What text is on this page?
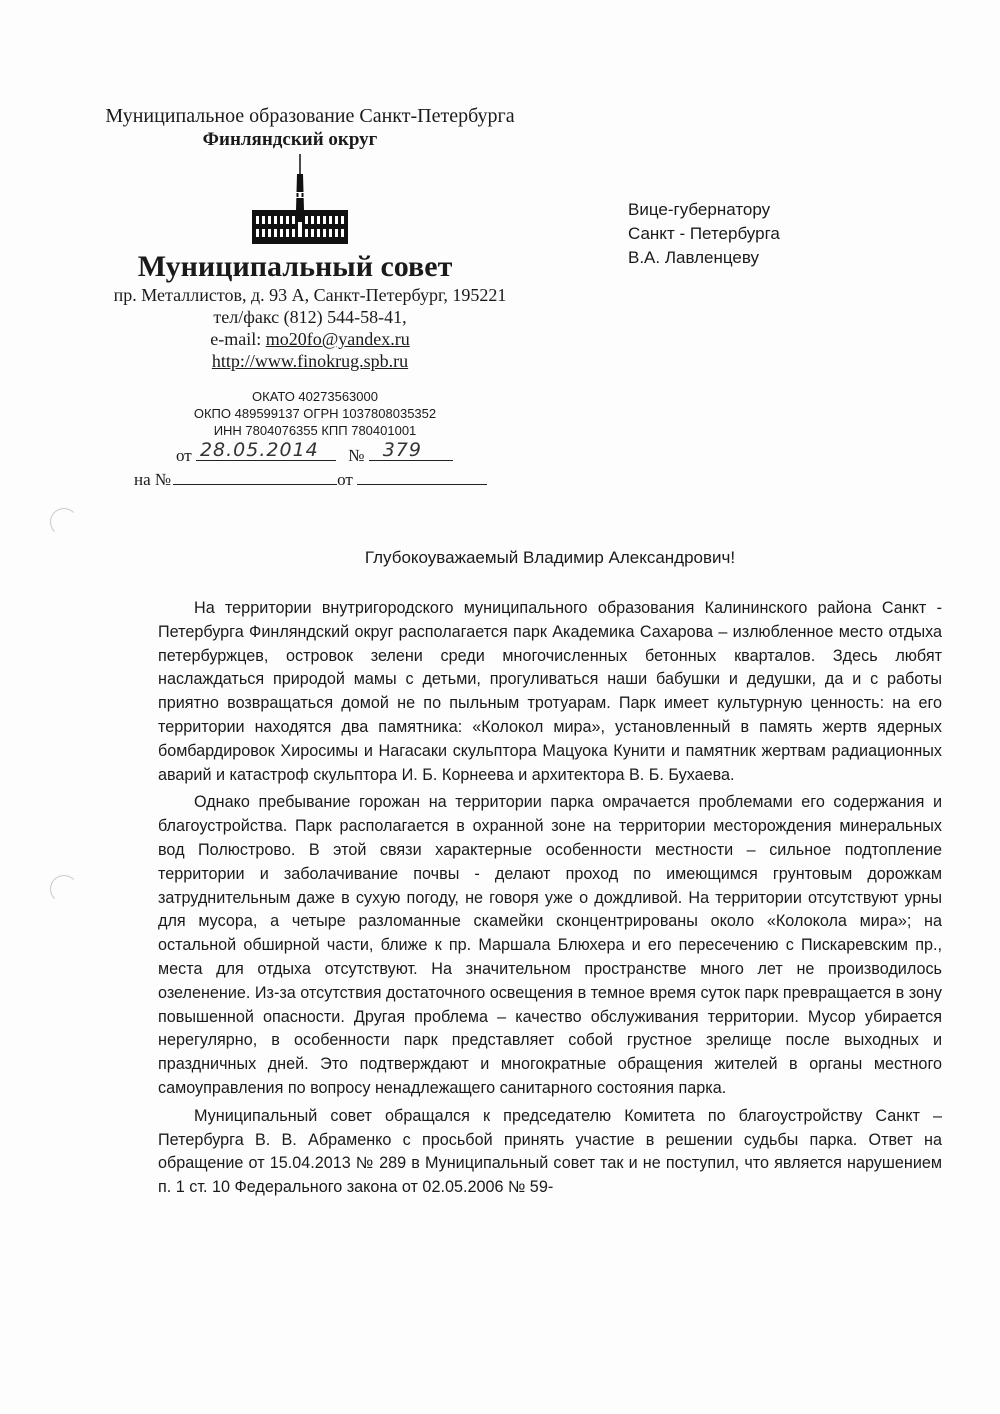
Муниципальное образование Санкт-Петербурга
Финляндский округ
Муниципальный совет
пр. Металлистов, д. 93 А, Санкт-Петербург, 195221
тел/факс (812) 544-58-41,
e-mail: mo20fo@yandex.ru
http://www.finokrug.spb.ru
ОКАТО 40273563000
ОКПО 489599137 ОГРН 1037808035352
ИНН 7804076355 КПП 780401001
от 28.05.2014 № 379
на №	от
Вице-губернатору
Санкт - Петербурга
В.А. Лавленцеву
Глубокоуважаемый Владимир Александрович!

На территории внутригородского муниципального образования Калининского района Санкт - Петербурга Финляндский округ располагается парк Академика Сахарова – излюбленное место отдыха петербуржцев, островок зелени среди многочисленных бетонных кварталов. Здесь любят наслаждаться природой мамы с детьми, прогуливаться наши бабушки и дедушки, да и с работы приятно возвращаться домой не по пыльным тротуарам. Парк имеет культурную ценность: на его территории находятся два памятника: «Колокол мира», установленный в память жертв ядерных бомбардировок Хиросимы и Нагасаки скульптора Мацуока Кунити и памятник жертвам радиационных аварий и катастроф скульптора И. Б. Корнеева и архитектора В. Б. Бухаева.

Однако пребывание горожан на территории парка омрачается проблемами его содержания и благоустройства. Парк располагается в охранной зоне на территории месторождения минеральных вод Полюстрово. В этой связи характерные особенности местности – сильное подтопление территории и заболачивание почвы - делают проход по имеющимся грунтовым дорожкам затруднительным даже в сухую погоду, не говоря уже о дождливой. На территории отсутствуют урны для мусора, а четыре разломанные скамейки сконцентрированы около «Колокола мира»; на остальной обширной части, ближе к пр. Маршала Блюхера и его пересечению с Пискаревским пр., места для отдыха отсутствуют. На значительном пространстве много лет не производилось озеленение. Из-за отсутствия достаточного освещения в темное время суток парк превращается в зону повышенной опасности. Другая проблема – качество обслуживания территории. Мусор убирается нерегулярно, в особенности парк представляет собой грустное зрелище после выходных и праздничных дней. Это подтверждают и многократные обращения жителей в органы местного самоуправления по вопросу ненадлежащего санитарного состояния парка.

Муниципальный совет обращался к председателю Комитета по благоустройству Санкт – Петербурга В. В. Абраменко с просьбой принять участие в решении судьбы парка. Ответ на обращение от 15.04.2013 № 289 в Муниципальный совет так и не поступил, что является нарушением п. 1 ст. 10 Федерального закона от 02.05.2006 № 59-
